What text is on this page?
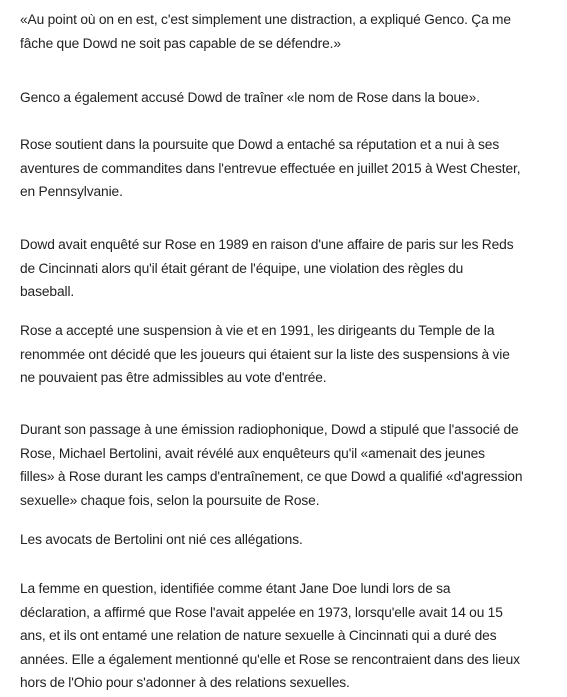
«Au point où on en est, c'est simplement une distraction, a expliqué Genco. Ça me
fâche que Dowd ne soit pas capable de se défendre.»

Genco a également accusé Dowd de traîner «le nom de Rose dans la boue».

Rose soutient dans la poursuite que Dowd a entaché sa réputation et a nui à ses
aventures de commandites dans l'entrevue effectuée en juillet 2015 à West Chester,
en Pennsylvanie.

Dowd avait enquêté sur Rose en 1989 en raison d'une affaire de paris sur les Reds
de Cincinnati alors qu'il était gérant de l'équipe, une violation des règles du
baseball.

Rose a accepté une suspension à vie et en 1991, les dirigeants du Temple de la
renommée ont décidé que les joueurs qui étaient sur la liste des suspensions à vie
ne pouvaient pas être admissibles au vote d'entrée.

Durant son passage à une émission radiophonique, Dowd a stipulé que l'associé de
Rose, Michael Bertolini, avait révélé aux enquêteurs qu'il «amenait des jeunes
filles» à Rose durant les camps d'entraînement, ce que Dowd a qualifié «d'agression
sexuelle» chaque fois, selon la poursuite de Rose.

Les avocats de Bertolini ont nié ces allégations.

La femme en question, identifiée comme étant Jane Doe lundi lors de sa
déclaration, a affirmé que Rose l'avait appelée en 1973, lorsqu'elle avait 14 ou 15
ans, et ils ont entamé une relation de nature sexuelle à Cincinnati qui a duré des
années. Elle a également mentionné qu'elle et Rose se rencontraient dans des lieux
hors de l'Ohio pour s'adonner à des relations sexuelles.
